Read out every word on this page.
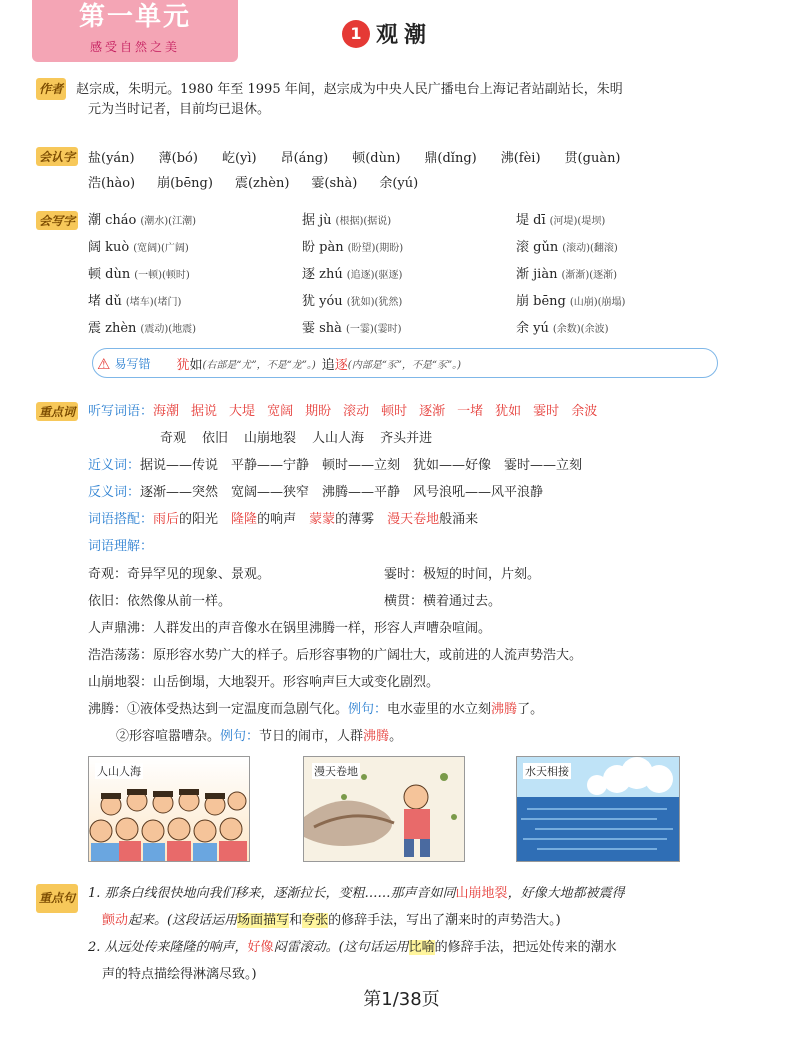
第一单元
感受自然之美
1 观潮
作者 赵宗成，朱明元。1980 年至 1995 年间，赵宗成为中央人民广播电台上海记者站副站长，朱明
元为当时记者，目前均已退休。
会认字 盐(yán) 薄(bó) 屹(yì) 昂(áng) 顿(dùn) 鼎(dǐng) 沸(fèi) 贯(guàn)
浩(hào) 崩(bēng) 震(zhèn) 霎(shà) 余(yú)
会写字 潮 cháo (潮水)(江潮)	据 jù (根据)(据说)	堤 dī (河堤)(堤坝)
阔 kuò (宽阔)(广阔)	盼 pàn (盼望)(期盼)	滚 gǔn (滚动)(翻滚)
顿 dùn (一顿)(顿时)	逐 zhú (追逐)(驱逐)	渐 jiàn (渐渐)(逐渐)
堵 dǔ (堵车)(堵门)	犹 yóu (犹如)(犹然)	崩 bēng (山崩)(崩塌)
震 zhèn (震动)(地震)	霎 shà (一霎)(霎时)	余 yú (余数)(余波)
⚠ 易写错 犹 如 (右部是“尤”，不是“龙”。) 追 逐 (内部是“豕”，不是“豕”。)
重点词 听写词语：海潮 据说 大堤 宽阔 期盼 滚动 顿时 逐渐 一堵 犹如 霎时 余波
奇观 依旧 山崩地裂 人山人海 齐头并进
近义词：据说——传说　平静——宁静　顿时——立刻　犹如——好像　霎时——立刻
反义词：逐渐——突然　宽阔——狭窄　沸腾——平静　风号浪吼——风平浪静
词语搭配：雨后的阳光　隆隆的响声　蒙蒙的薄雾　漫天卷地般涌来
词语理解：
奇观：奇异罕见的现象、景观。	霎时：极短的时间，片刻。
依旧：依然像从前一样。	横贯：横着通过去。
人声鼎沸：人群发出的声音像水在锅里沸腾一样，形容人声嘈杂喧闹。
浩浩荡荡：原形容水势广大的样子。后形容事物的广阔壮大，或前进的人流声势浩大。
山崩地裂：山岳倒塌，大地裂开。形容响声巨大或变化剧烈。
沸腾：①液体受热达到一定温度而急剧气化。例句：电水壶里的水立刻沸腾了。
②形容喧嚣嘈杂。例句：节日的闹市，人群沸腾。
人山人海	漫天卷地	水天相接
重点句 1. 那条白线很快地向我们移来，逐渐拉长，变粗……那声音如同山崩地裂，好像大地都被震得
颤动起来。(这段话运用场面描写和夸张的修辞手法，写出了潮来时的声势浩大。)
2. 从远处传来隆隆的响声，好像闷雷滚动。(这句话运用比喻的修辞手法，把远处传来的潮水
声的特点描绘得淋漓尽致。)
第1/38页
